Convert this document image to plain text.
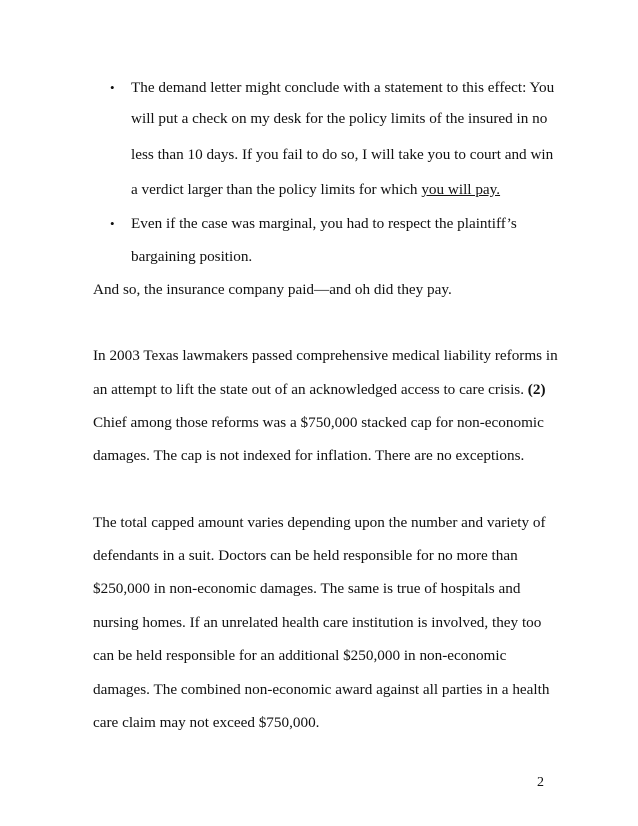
• The demand letter might conclude with a statement to this effect: You
will put a check on my desk for the policy limits of the insured in no
less than 10 days. If you fail to do so, I will take you to court and win
a verdict larger than the policy limits for which you will pay.
• Even if the case was marginal, you had to respect the plaintiff’s
bargaining position.
And so, the insurance company paid—and oh did they pay.
In 2003 Texas lawmakers passed comprehensive medical liability reforms in
an attempt to lift the state out of an acknowledged access to care crisis. (2)
Chief among those reforms was a $750,000 stacked cap for non-economic
damages. The cap is not indexed for inflation. There are no exceptions.
The total capped amount varies depending upon the number and variety of
defendants in a suit. Doctors can be held responsible for no more than
$250,000 in non-economic damages. The same is true of hospitals and
nursing homes. If an unrelated health care institution is involved, they too
can be held responsible for an additional $250,000 in non-economic
damages. The combined non-economic award against all parties in a health
care claim may not exceed $750,000.
2
